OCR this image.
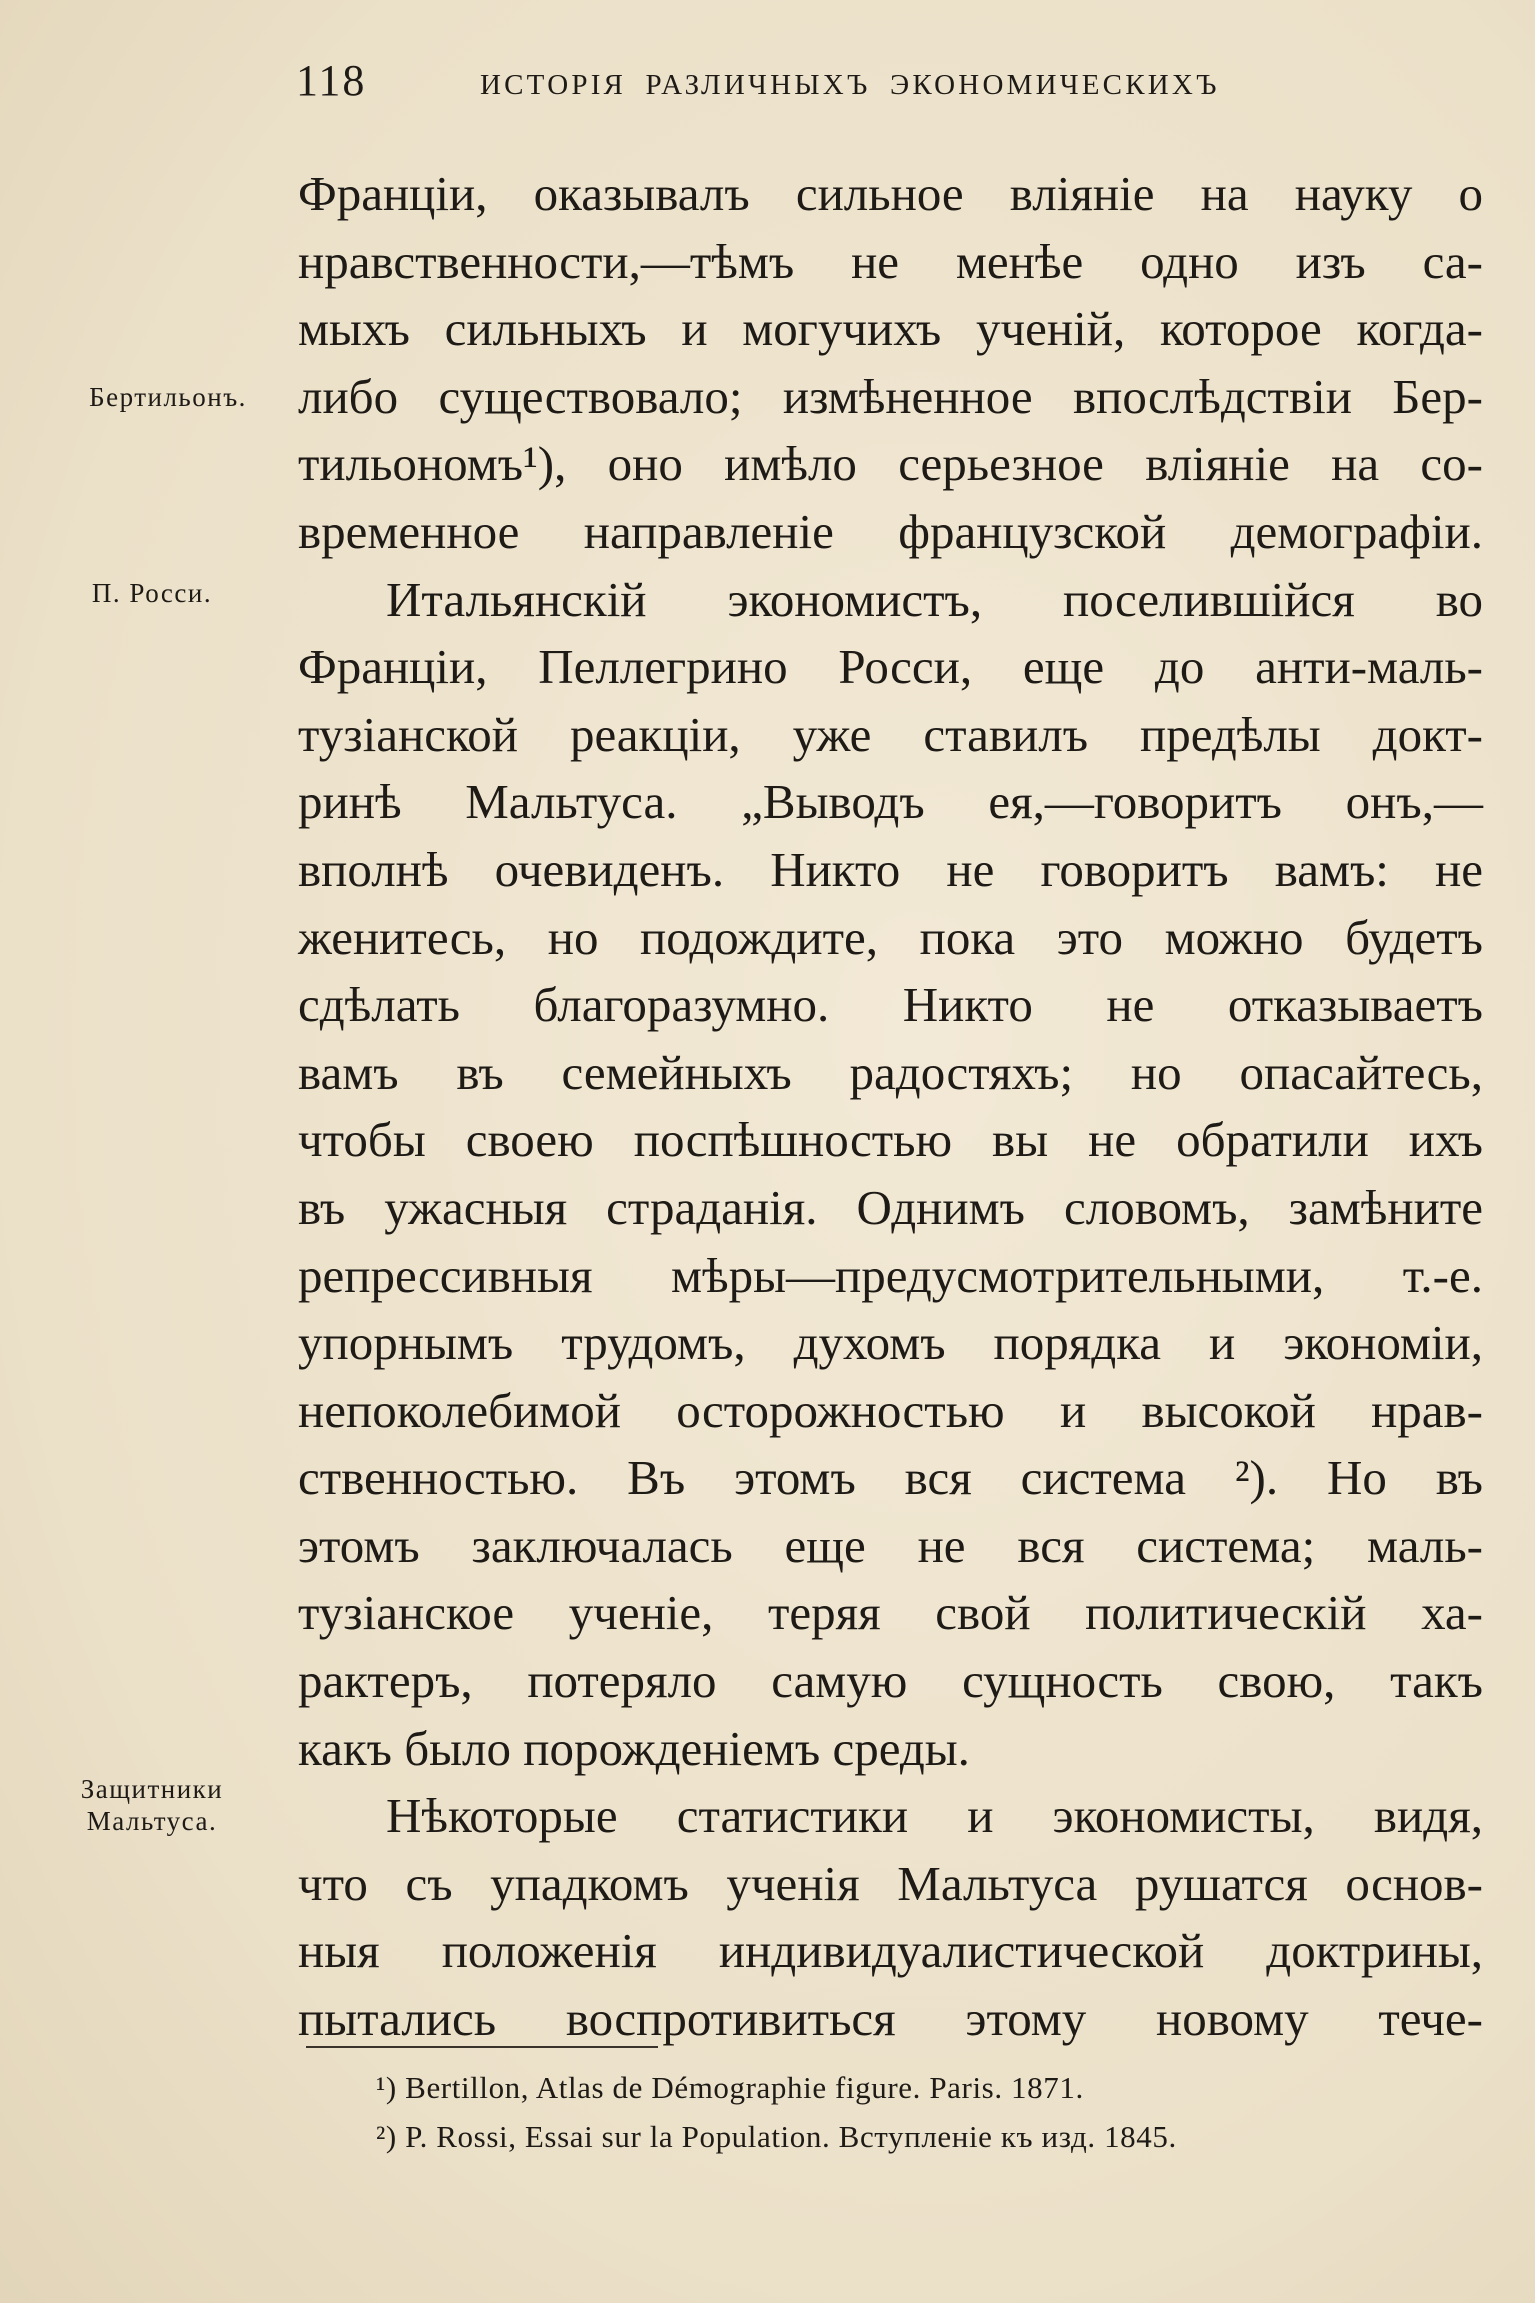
118	ИСТОРІЯ РАЗЛИЧНЫХЪ ЭКОНОМИЧЕСКИХЪ
Бертильонъ.
П. Росси.
Защитники Мальтуса.
Франціи, оказывалъ сильное вліяніе на науку о
нравственности,—тѣмъ не менѣе одно изъ са-
мыхъ сильныхъ и могучихъ ученій, которое когда-
либо существовало; измѣненное впослѣдствіи Бер-
тильономъ¹), оно имѣло серьезное вліяніе на со-
временное направленіе французской демографіи.
Итальянскій экономистъ, поселившійся во
Франціи, Пеллегрино Росси, еще до анти-маль-
тузіанской реакціи, уже ставилъ предѣлы докт-
ринѣ Мальтуса. „Выводъ ея,—говоритъ онъ,—
вполнѣ очевиденъ. Никто не говоритъ вамъ: не
женитесь, но подождите, пока это можно будетъ
сдѣлать благоразумно. Никто не отказываетъ
вамъ въ семейныхъ радостяхъ; но опасайтесь,
чтобы своею поспѣшностью вы не обратили ихъ
въ ужасныя страданія. Однимъ словомъ, замѣните
репрессивныя мѣры—предусмотрительными, т.-е.
упорнымъ трудомъ, духомъ порядка и экономіи,
непоколебимой осторожностью и высокой нрав-
ственностью. Въ этомъ вся система ²). Но въ
этомъ заключалась еще не вся система; маль-
тузіанское ученіе, теряя свой политическій ха-
рактеръ, потеряло самую сущность свою, такъ
какъ было порожденіемъ среды.
Нѣкоторые статистики и экономисты, видя,
что съ упадкомъ ученія Мальтуса рушатся основ-
ныя положенія индивидуалистической доктрины,
пытались воспротивиться этому новому тече-
¹) Bertillon, Atlas de Démographie figure. Paris. 1871.
²) P. Rossi, Essai sur la Population. Вступленіе къ изд. 1845.
